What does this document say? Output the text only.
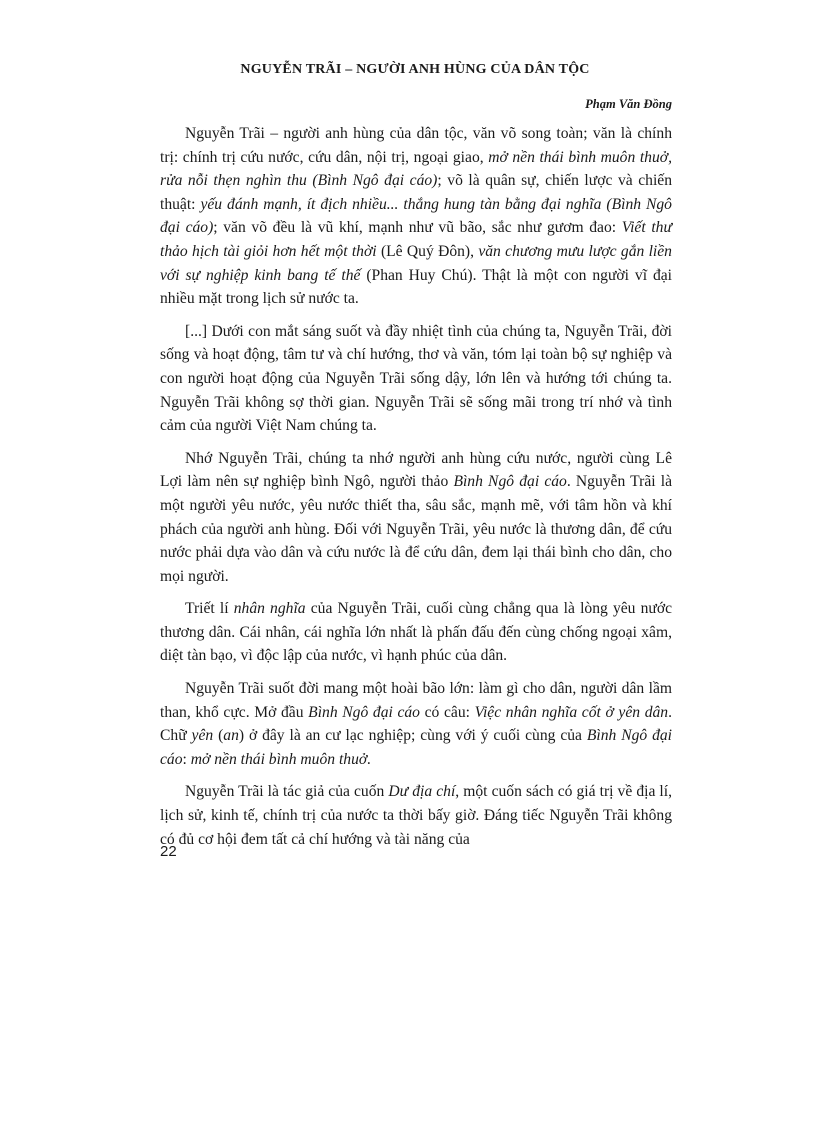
NGUYỄN TRÃI – NGƯỜI ANH HÙNG CỦA DÂN TỘC
Phạm Văn Đồng

Nguyễn Trãi – người anh hùng của dân tộc, văn võ song toàn; văn là chính trị: chính trị cứu nước, cứu dân, nội trị, ngoại giao, mở nền thái bình muôn thuở, rửa nỗi thẹn nghìn thu (Bình Ngô đại cáo); võ là quân sự, chiến lược và chiến thuật: yếu đánh mạnh, ít địch nhiều... thắng hung tàn bằng đại nghĩa (Bình Ngô đại cáo); văn võ đều là vũ khí, mạnh như vũ bão, sắc như gươm đao: Viết thư thảo hịch tài giỏi hơn hết một thời (Lê Quý Đôn), văn chương mưu lược gắn liền với sự nghiệp kinh bang tế thế (Phan Huy Chú). Thật là một con người vĩ đại nhiều mặt trong lịch sử nước ta.

[...] Dưới con mắt sáng suốt và đầy nhiệt tình của chúng ta, Nguyễn Trãi, đời sống và hoạt động, tâm tư và chí hướng, thơ và văn, tóm lại toàn bộ sự nghiệp và con người hoạt động của Nguyễn Trãi sống dậy, lớn lên và hướng tới chúng ta. Nguyễn Trãi không sợ thời gian. Nguyễn Trãi sẽ sống mãi trong trí nhớ và tình cảm của người Việt Nam chúng ta.

Nhớ Nguyễn Trãi, chúng ta nhớ người anh hùng cứu nước, người cùng Lê Lợi làm nên sự nghiệp bình Ngô, người thảo Bình Ngô đại cáo. Nguyễn Trãi là một người yêu nước, yêu nước thiết tha, sâu sắc, mạnh mẽ, với tâm hồn và khí phách của người anh hùng. Đối với Nguyễn Trãi, yêu nước là thương dân, để cứu nước phải dựa vào dân và cứu nước là để cứu dân, đem lại thái bình cho dân, cho mọi người.

Triết lí nhân nghĩa của Nguyễn Trãi, cuối cùng chẳng qua là lòng yêu nước thương dân. Cái nhân, cái nghĩa lớn nhất là phấn đấu đến cùng chống ngoại xâm, diệt tàn bạo, vì độc lập của nước, vì hạnh phúc của dân.

Nguyễn Trãi suốt đời mang một hoài bão lớn: làm gì cho dân, người dân lầm than, khổ cực. Mở đầu Bình Ngô đại cáo có câu: Việc nhân nghĩa cốt ở yên dân. Chữ yên (an) ở đây là an cư lạc nghiệp; cùng với ý cuối cùng của Bình Ngô đại cáo: mở nền thái bình muôn thuở.

Nguyễn Trãi là tác giả của cuốn Dư địa chí, một cuốn sách có giá trị về địa lí, lịch sử, kinh tế, chính trị của nước ta thời bấy giờ. Đáng tiếc Nguyễn Trãi không có đủ cơ hội đem tất cả chí hướng và tài năng của

22
